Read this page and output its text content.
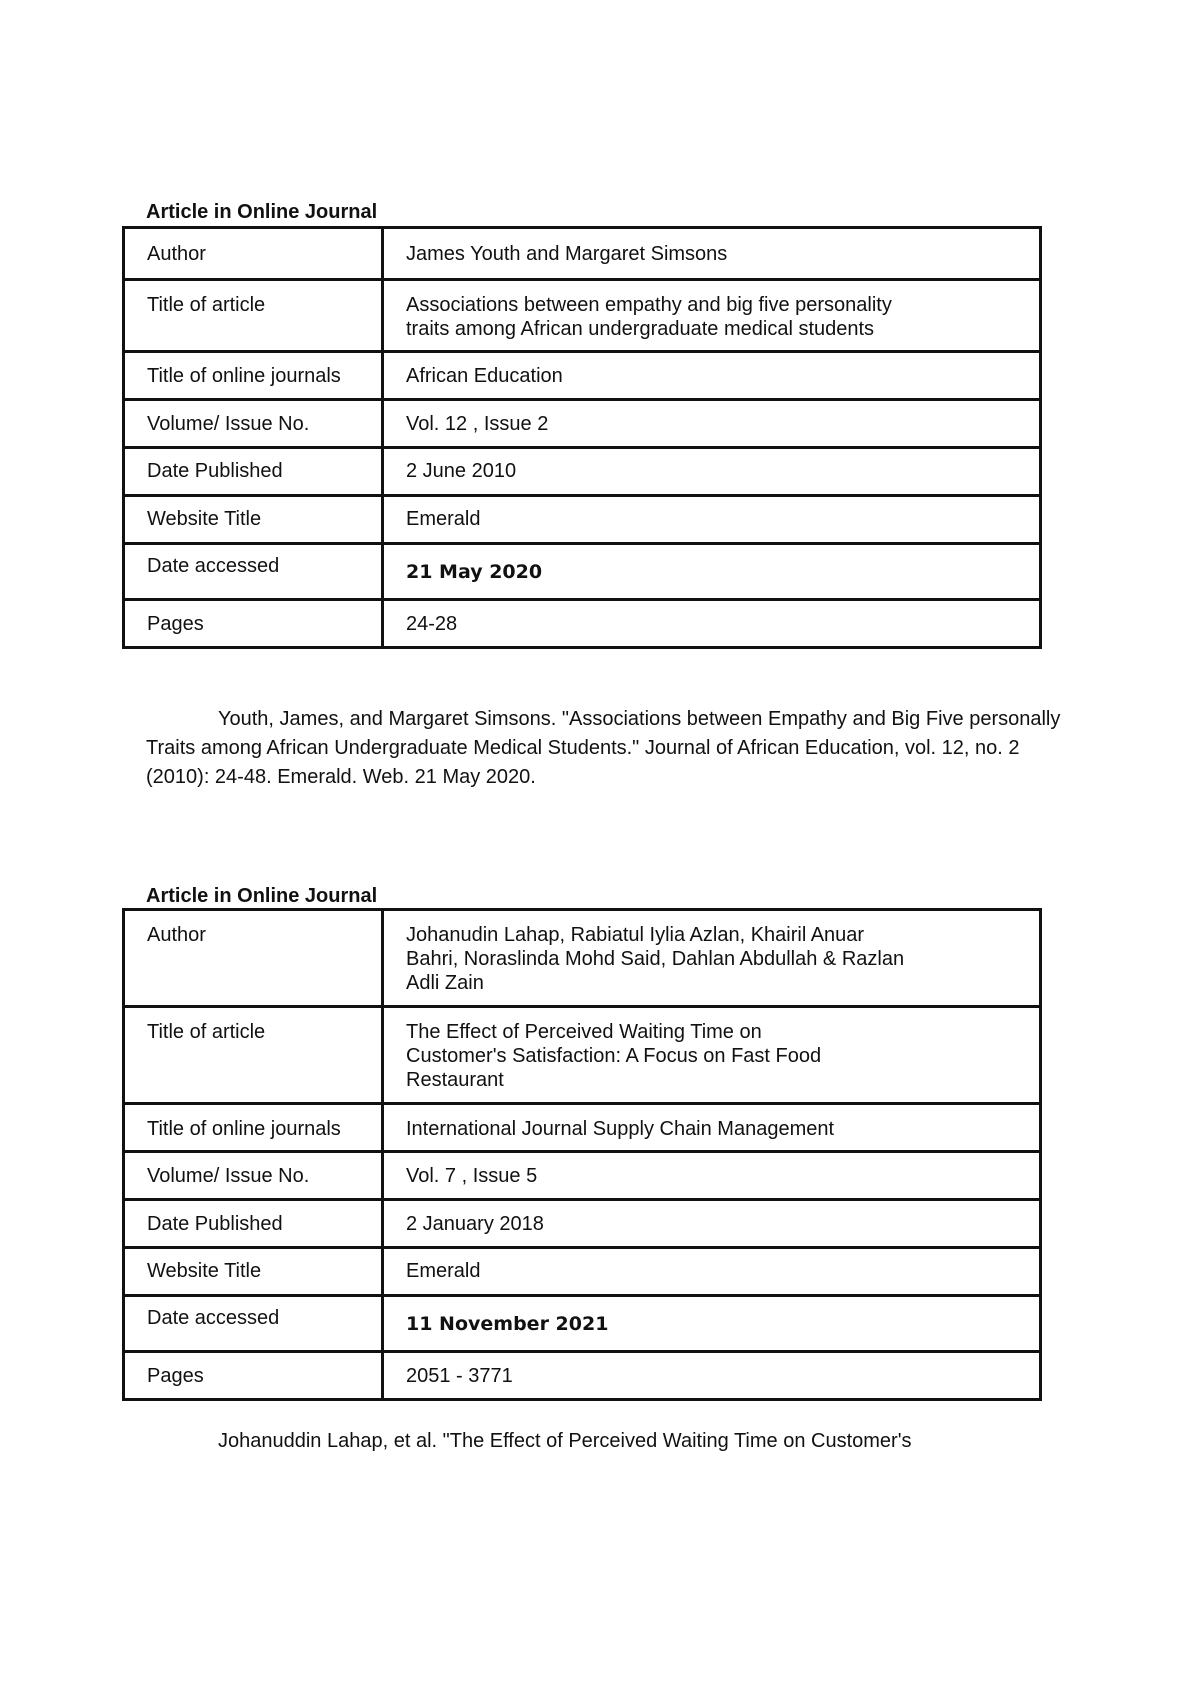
Article in Online Journal
Author	James Youth and Margaret Simsons
Title of article	Associations between empathy and big five personality
traits among African undergraduate medical students
Title of online journals	African Education
Volume/ Issue No.	Vol. 12 , Issue 2
Date Published	2 June 2010
Website Title	Emerald
Date accessed	21 May 2020
Pages	24-28

Youth, James, and Margaret Simsons. "Associations between Empathy and Big Five personally Traits among African Undergraduate Medical Students." Journal of African Education, vol. 12, no. 2 (2010): 24-48. Emerald. Web. 21 May 2020.

Article in Online Journal
Author	Johanudin Lahap, Rabiatul Iylia Azlan, Khairil Anuar
Bahri, Noraslinda Mohd Said, Dahlan Abdullah & Razlan
Adli Zain
Title of article	The Effect of Perceived Waiting Time on
Customer's Satisfaction: A Focus on Fast Food
Restaurant
Title of online journals	International Journal Supply Chain Management
Volume/ Issue No.	Vol. 7 , Issue 5
Date Published	2 January 2018
Website Title	Emerald
Date accessed	11 November 2021
Pages	2051 - 3771

Johanuddin Lahap, et al. "The Effect of Perceived Waiting Time on Customer's
